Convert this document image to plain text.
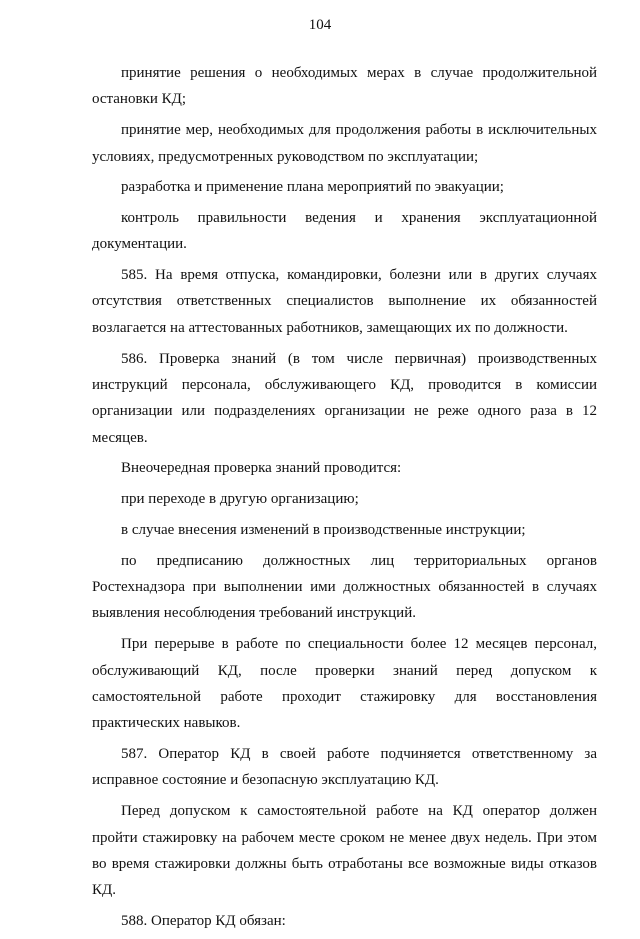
104

принятие решения о необходимых мерах в случае продолжительной остановки КД;

принятие мер, необходимых для продолжения работы в исключительных условиях, предусмотренных руководством по эксплуатации;

разработка и применение плана мероприятий по эвакуации;

контроль правильности ведения и хранения эксплуатационной документации.

585. На время отпуска, командировки, болезни или в других случаях отсутствия ответственных специалистов выполнение их обязанностей возлагается на аттестованных работников, замещающих их по должности.

586. Проверка знаний (в том числе первичная) производственных инструкций персонала, обслуживающего КД, проводится в комиссии организации или подразделениях организации не реже одного раза в 12 месяцев.

Внеочередная проверка знаний проводится:

при переходе в другую организацию;

в случае внесения изменений в производственные инструкции;

по предписанию должностных лиц территориальных органов Ростехнадзора при выполнении ими должностных обязанностей в случаях выявления несоблюдения требований инструкций.

При перерыве в работе по специальности более 12 месяцев персонал, обслуживающий КД, после проверки знаний перед допуском к самостоятельной работе проходит стажировку для восстановления практических навыков.

587. Оператор КД в своей работе подчиняется ответственному за исправное состояние и безопасную эксплуатацию КД.

Перед допуском к самостоятельной работе на КД оператор должен пройти стажировку на рабочем месте сроком не менее двух недель. При этом во время стажировки должны быть отработаны все возможные виды отказов КД.

588. Оператор КД обязан:
